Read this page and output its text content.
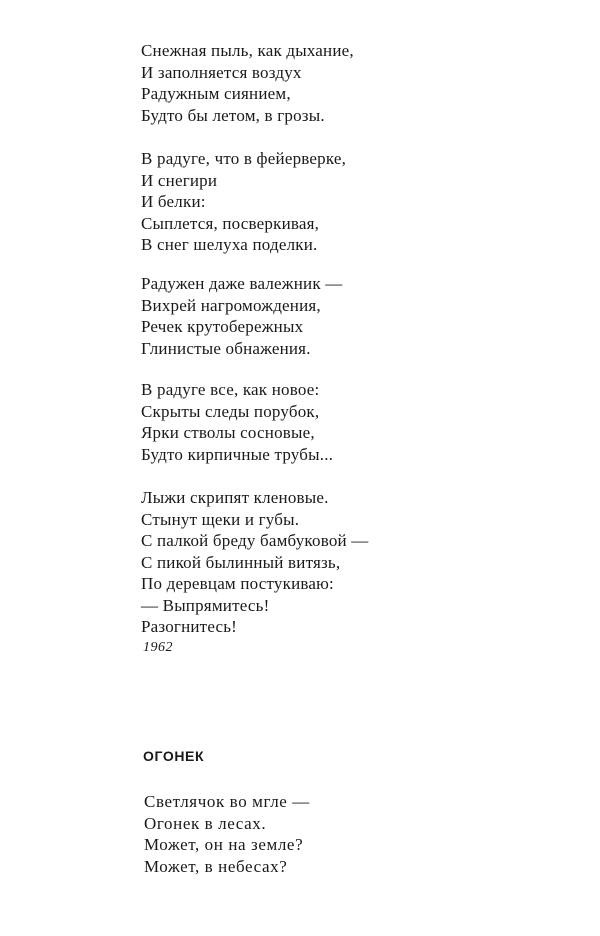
Снежная пыль, как дыхание,
И заполняется воздух
Радужным сиянием,
Будто бы летом, в грозы.
В радуге, что в фейерверке,
И снегири
И белки:
Сыплется, посверкивая,
В снег шелуха поделки.
Радужен даже валежник —
Вихрей нагромождения,
Речек крутобережных
Глинистые обнажения.
В радуге все, как новое:
Скрыты следы порубок,
Ярки стволы сосновые,
Будто кирпичные трубы...
Лыжи скрипят кленовые.
Стынут щеки и губы.
С палкой бреду бамбуковой —
С пикой былинный витязь,
По деревцам постукиваю:
— Выпрямитесь!
Разогнитесь!
1962
ОГОНЕК
Светлячок во мгле —
Огонек в лесах.
Может, он на земле?
Может, в небесах?
